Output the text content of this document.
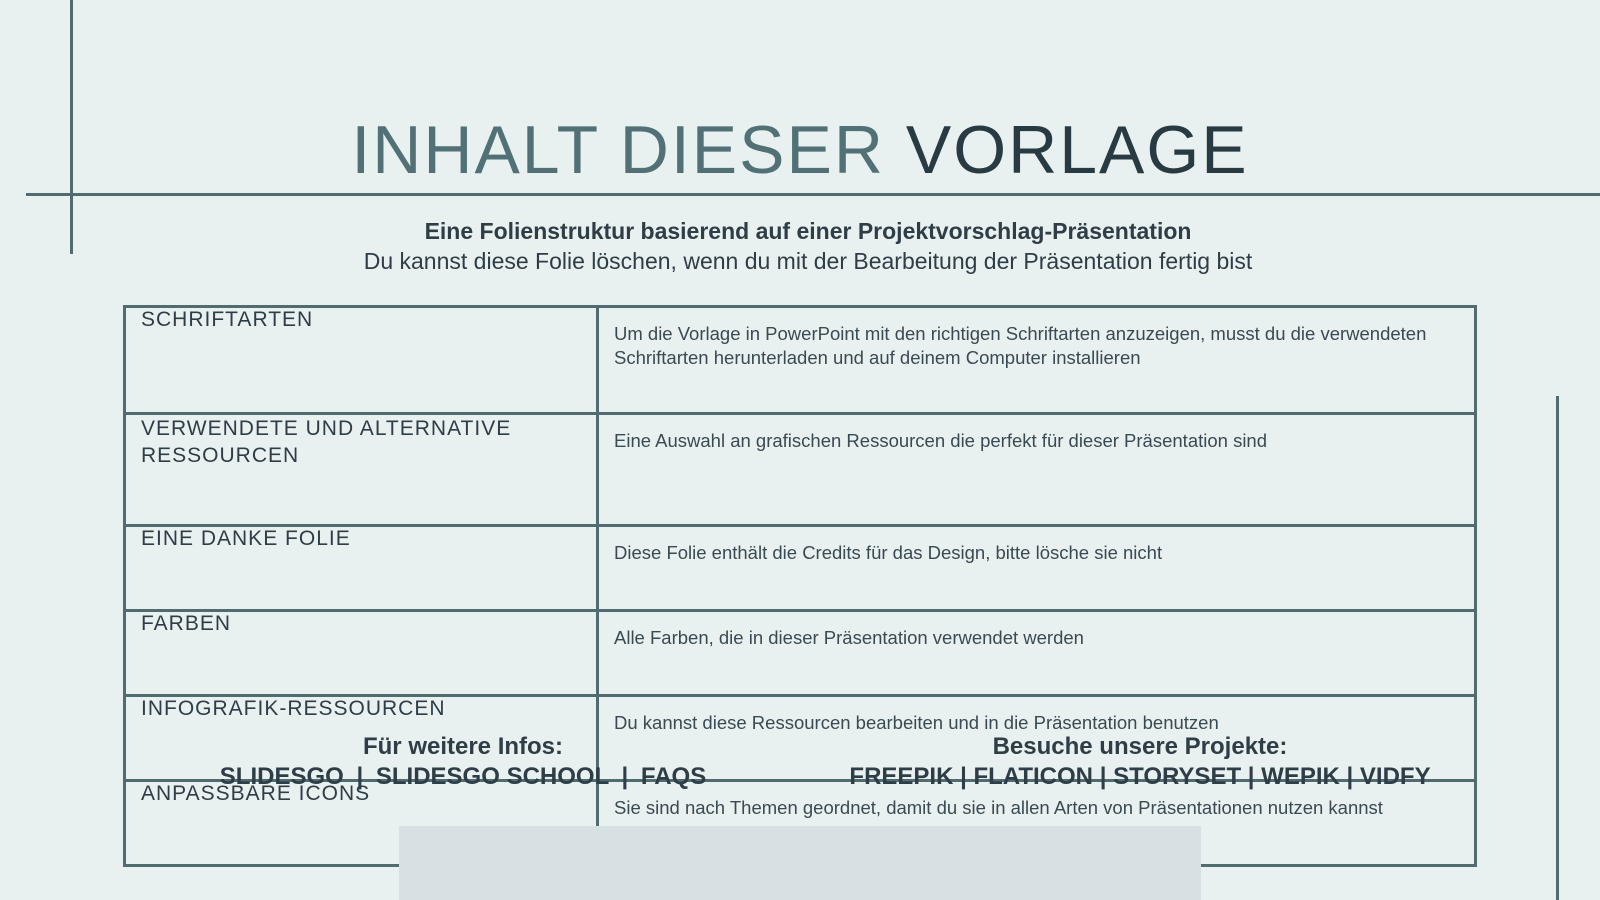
INHALT DIESER VORLAGE
Eine Folienstruktur basierend auf einer Projektvorschlag-Präsentation
Du kannst diese Folie löschen, wenn du mit der Bearbeitung der Präsentation fertig bist
SCHRIFTARTEN	Um die Vorlage in PowerPoint mit den richtigen Schriftarten anzuzeigen, musst du die verwendeten Schriftarten herunterladen und auf deinem Computer installieren
VERWENDETE UND ALTERNATIVE RESSOURCEN	Eine Auswahl an grafischen Ressourcen die perfekt für dieser Präsentation sind
EINE DANKE FOLIE	Diese Folie enthält die Credits für das Design, bitte lösche sie nicht
FARBEN	Alle Farben, die in dieser Präsentation verwendet werden
INFOGRAFIK-RESSOURCEN	Du kannst diese Ressourcen bearbeiten und in die Präsentation benutzen
ANPASSBARE ICONS	Sie sind nach Themen geordnet, damit du sie in allen Arten von Präsentationen nutzen kannst
Für weitere Infos:
SLIDESGO | SLIDESGO SCHOOL | FAQS
Besuche unsere Projekte:
FREEPIK | FLATICON | STORYSET | WEPIK | VIDFY
